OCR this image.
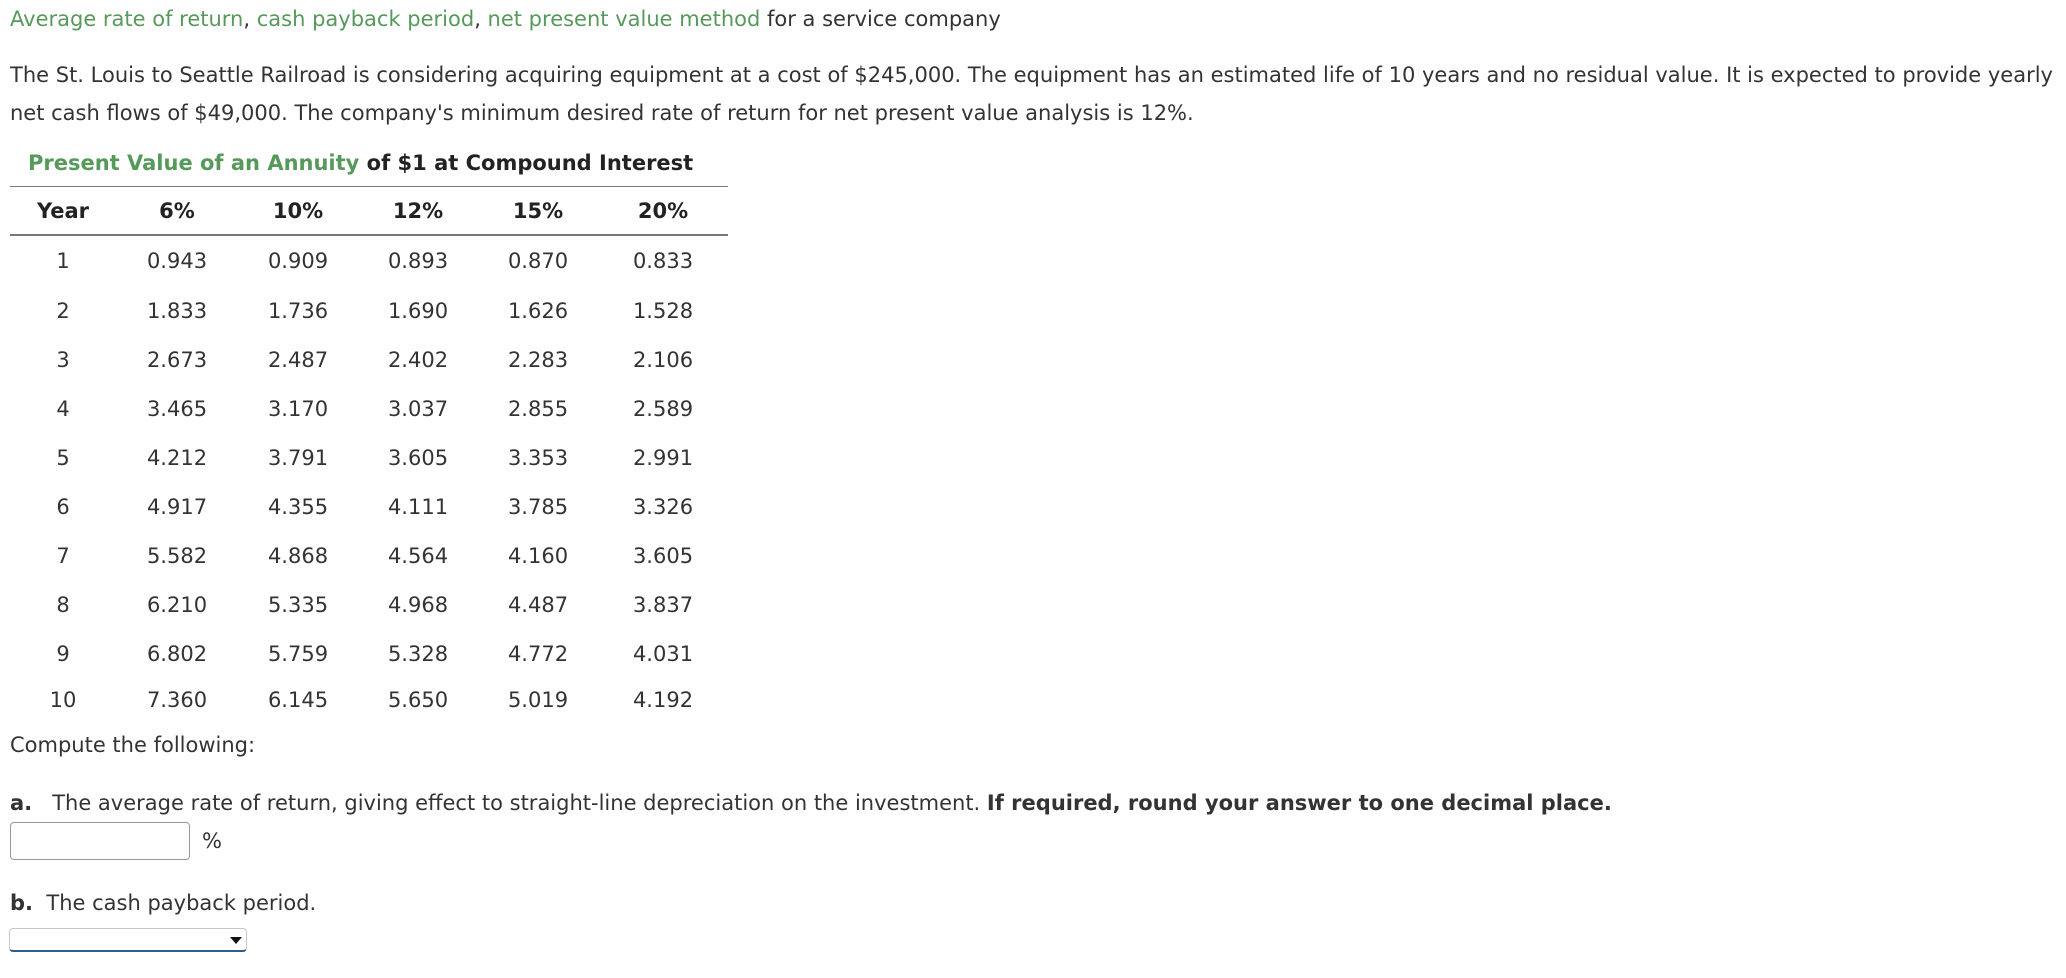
Average rate of return, cash payback period, net present value method for a service company
The St. Louis to Seattle Railroad is considering acquiring equipment at a cost of $245,000. The equipment has an estimated life of 10 years and no residual value. It is expected to provide yearly net cash flows of $49,000. The company's minimum desired rate of return for net present value analysis is 12%.
Present Value of an Annuity of $1 at Compound Interest
Year	6%	10%	12%	15%	20%
1	0.943	0.909	0.893	0.870	0.833
2	1.833	1.736	1.690	1.626	1.528
3	2.673	2.487	2.402	2.283	2.106
4	3.465	3.170	3.037	2.855	2.589
5	4.212	3.791	3.605	3.353	2.991
6	4.917	4.355	4.111	3.785	3.326
7	5.582	4.868	4.564	4.160	3.605
8	6.210	5.335	4.968	4.487	3.837
9	6.802	5.759	5.328	4.772	4.031
10	7.360	6.145	5.650	5.019	4.192
Compute the following:
a. The average rate of return, giving effect to straight-line depreciation on the investment. If required, round your answer to one decimal place.
%
b. The cash payback period.
